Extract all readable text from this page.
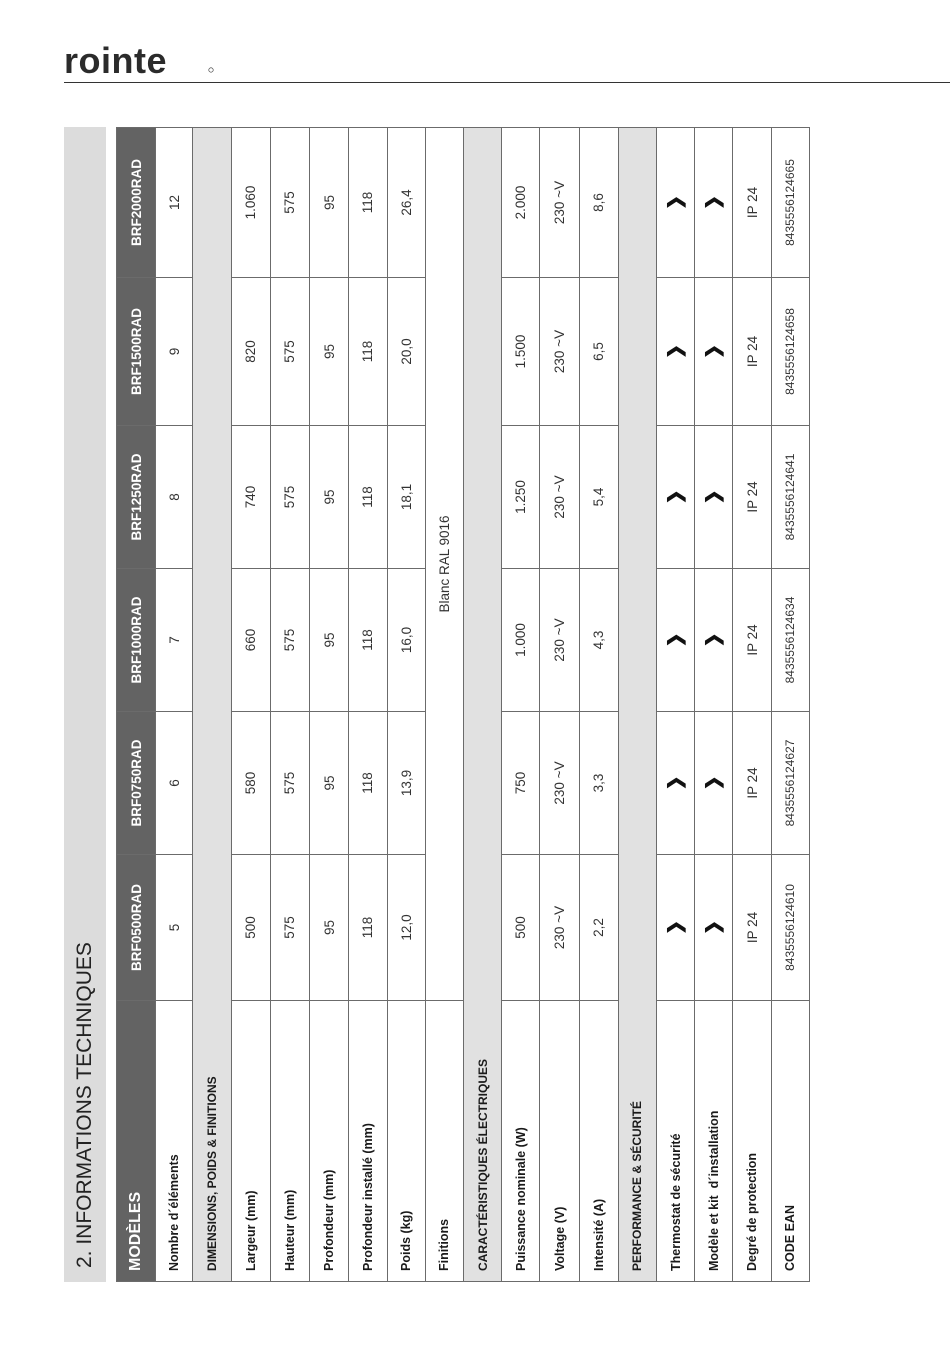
rointe
2. INFORMATIONS TECHNIQUES	MODÈLES	BRF0500RAD	BRF0750RAD	BRF1000RAD	BRF1250RAD	BRF1500RAD	BRF2000RAD
Nombre d´éléments	5	6	7	8	9	12
DIMENSIONS, POIDS & FINITIONS						
Largeur (mm)	500	580	660	740	820	1.060
Hauteur (mm)	575	575	575	575	575	575
Profondeur (mm)	95	95	95	95	95	95
Profondeur installé (mm)	118	118	118	118	118	118
Poids (kg)	12,0	13,9	16,0	18,1	20,0	26,4
Finitions	Blanc RAL 9016					
CARACTÉRISTIQUES ÉLECTRIQUES						
Puissance nominale (W)	500	750	1.000	1.250	1.500	2.000
Voltage (V)	230 ~V	230 ~V	230 ~V	230 ~V	230 ~V	230 ~V
Intensité (A)	2,2	3,3	4,3	5,4	6,5	8,6
PERFORMANCE & SÉCURITÉ						
Thermostat de sécurité	❯	❯	❯	❯	❯	❯
Modèle et kit  d´installation	❯	❯	❯	❯	❯	❯
Degré de protection	IP 24	IP 24	IP 24	IP 24	IP 24	IP 24
CODE EAN	8435556124610	8435556124627	8435556124634	8435556124641	8435556124658	8435556124665
